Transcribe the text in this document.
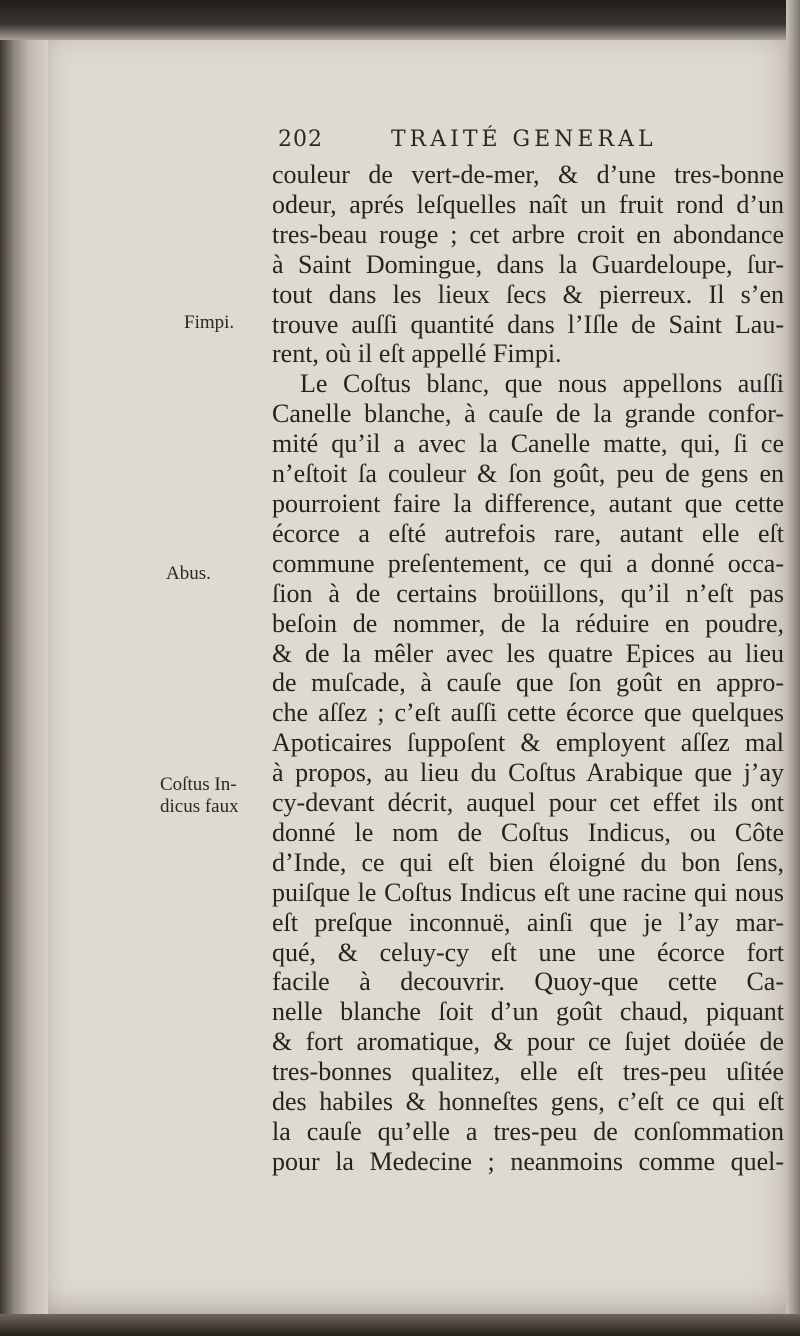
202	TRAITÉ GENERAL
Fimpi.
Abus.
Coſtus In-
dicus faux
couleur de vert-de-mer, & d’une tres-bonne
odeur, aprés leſquelles naît un fruit rond d’un
tres-beau rouge ; cet arbre croit en abondance
à Saint Domingue, dans la Guardeloupe, ſur-
tout dans les lieux ſecs & pierreux. Il s’en
trouve auſſi quantité dans l’Iſle de Saint Lau-
rent, où il eſt appellé Fimpi.
Le Coſtus blanc, que nous appellons auſſi
Canelle blanche, à cauſe de la grande confor-
mité qu’il a avec la Canelle matte, qui, ſi ce
n’eſtoit ſa couleur & ſon goût, peu de gens en
pourroient faire la difference, autant que cette
écorce a eſté autrefois rare, autant elle eſt
commune preſentement, ce qui a donné occa-
ſion à de certains broüillons, qu’il n’eſt pas
beſoin de nommer, de la réduire en poudre,
& de la mêler avec les quatre Epices au lieu
de muſcade, à cauſe que ſon goût en appro-
che aſſez ; c’eſt auſſi cette écorce que quelques
Apoticaires ſuppoſent & employent aſſez mal
à propos, au lieu du Coſtus Arabique que j’ay
cy-devant décrit, auquel pour cet effet ils ont
donné le nom de Coſtus Indicus, ou Côte
d’Inde, ce qui eſt bien éloigné du bon ſens,
puiſque le Coſtus Indicus eſt une racine qui nous
eſt preſque inconnuë, ainſi que je l’ay mar-
qué, & celuy-cy eſt une une écorce fort
facile à decouvrir. Quoy-que cette Ca-
nelle blanche ſoit d’un goût chaud, piquant
& fort aromatique, & pour ce ſujet doüée de
tres-bonnes qualitez, elle eſt tres-peu uſitée
des habiles & honneſtes gens, c’eſt ce qui eſt
la cauſe qu’elle a tres-peu de conſommation
pour la Medecine ; neanmoins comme quel-
